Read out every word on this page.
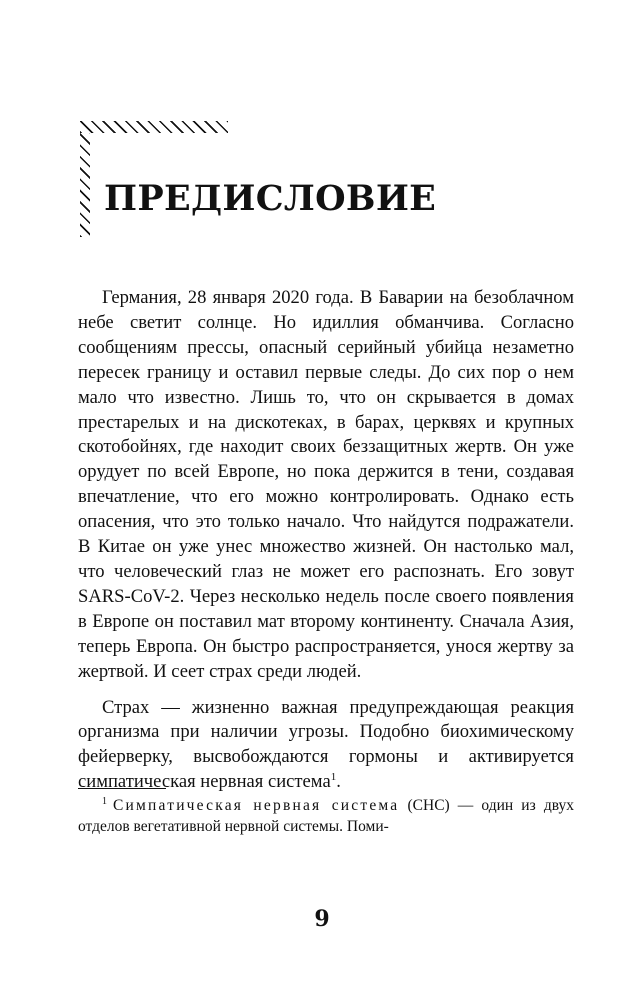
ПРЕДИСЛОВИЕ

Германия, 28 января 2020 года. В Баварии на безоблачном небе светит солнце. Но идиллия обманчива. Согласно сообщениям прессы, опасный серийный убийца незаметно пересек границу и оставил первые следы. До сих пор о нем мало что известно. Лишь то, что он скрывается в домах престарелых и на дискотеках, в барах, церквях и крупных скотобойнях, где находит своих беззащитных жертв. Он уже орудует по всей Европе, но пока держится в тени, создавая впечатление, что его можно контролировать. Однако есть опасения, что это только начало. Что найдутся подражатели. В Китае он уже унес множество жизней. Он настолько мал, что человеческий глаз не может его распознать. Его зовут SARS-CoV-2. Через несколько недель после своего появления в Европе он поставил мат второму континенту. Сначала Азия, теперь Европа. Он быстро распространяется, унося жертву за жертвой. И сеет страх среди людей.

Страх — жизненно важная предупреждающая реакция организма при наличии угрозы. Подобно биохимическому фейерверку, высвобождаются гормоны и активируется симпатическая нервная система$^1$.

$^1$ Симпатическая нервная система (СНС) — один из двух отделов вегетативной нервной системы. Поми-

9
